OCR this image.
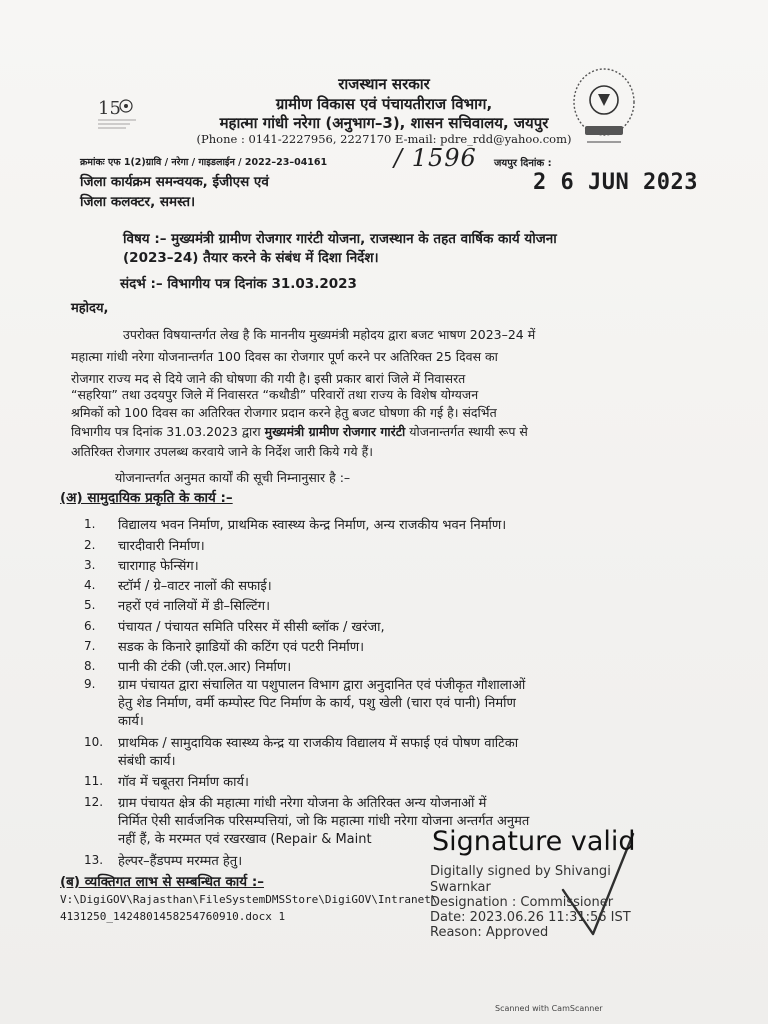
15
राजस्थान सरकार
ग्रामीण विकास एवं पंचायतीराज विभाग,
महात्मा गांधी नरेगा (अनुभाग–3), शासन सचिवालय, जयपुर
(Phone : 0141-2227956, 2227170 E-mail: pdre_rdd@yahoo.com)
क्रमांकः एफ 1(2)ग्रावि / नरेगा / गाइडलाईन / 2022–23–04161	/ 1596 जयपुर दिनांक :
2 6 JUN 2023
जिला कार्यक्रम समन्वयक, ईजीएस एवं
जिला कलक्टर, समस्त।
विषय :– मुख्यमंत्री ग्रामीण रोजगार गारंटी योजना, राजस्थान के तहत वार्षिक कार्य योजना
(2023–24) तैयार करने के संबंध में दिशा निर्देश।
संदर्भ :– विभागीय पत्र दिनांक 31.03.2023
महोदय,
उपरोक्त विषयान्तर्गत लेख है कि माननीय मुख्यमंत्री महोदय द्वारा बजट भाषण 2023–24 में
महात्मा गांधी नरेगा योजनान्तर्गत 100 दिवस का रोजगार पूर्ण करने पर अतिरिक्त 25 दिवस का
रोजगार राज्य मद से दिये जाने की घोषणा की गयी है। इसी प्रकार बारां जिले में निवासरत
“सहरिया” तथा उदयपुर जिले में निवासरत “कथौडी” परिवारों तथा राज्य के विशेष योग्यजन
श्रमिकों को 100 दिवस का अतिरिक्त रोजगार प्रदान करने हेतु बजट घोषणा की गई है। संदर्भित
विभागीय पत्र दिनांक 31.03.2023 द्वारा मुख्यमंत्री ग्रामीण रोजगार गारंटी योजनान्तर्गत स्थायी रूप से
अतिरिक्त रोजगार उपलब्ध करवाये जाने के निर्देश जारी किये गये हैं।
योजनान्तर्गत अनुमत कार्यों की सूची निम्नानुसार है :–
(अ) सामुदायिक प्रकृति के कार्य :–
1.	विद्यालय भवन निर्माण, प्राथमिक स्वास्थ्य केन्द्र निर्माण, अन्य राजकीय भवन निर्माण।
2.	चारदीवारी निर्माण।
3.	चारागाह फेन्सिंग।
4.	स्टॉर्म / ग्रे–वाटर नालों की सफाई।
5.	नहरों एवं नालियों में डी–सिल्टिंग।
6.	पंचायत / पंचायत समिति परिसर में सीसी ब्लॉक / खरंजा,
7.	सडक के किनारे झाडियों की कटिंग एवं पटरी निर्माण।
8.	पानी की टंकी (जी.एल.आर) निर्माण।
9.	ग्राम पंचायत द्वारा संचालित या पशुपालन विभाग द्वारा अनुदानित एवं पंजीकृत गौशालाओं
हेतु शेड निर्माण, वर्मी कम्पोस्ट पिट निर्माण के कार्य, पशु खेली (चारा एवं पानी) निर्माण
कार्य।
10.	प्राथमिक / सामुदायिक स्वास्थ्य केन्द्र या राजकीय विद्यालय में सफाई एवं पोषण वाटिका
संबंधी कार्य।
11.	गॉव में चबूतरा निर्माण कार्य।
12.	ग्राम पंचायत क्षेत्र की महात्मा गांधी नरेगा योजना के अतिरिक्त अन्य योजनाओं में
निर्मित ऐसी सार्वजनिक परिसम्पत्तियां, जो कि महात्मा गांधी नरेगा योजना अन्तर्गत अनुमत
नहीं हैं, के मरम्मत एवं रखरखाव (Repair & Maint
13.	हेल्पर–हैंडपम्प मरम्मत हेतु।
(ब) व्यक्तिगत लाभ से सम्बन्धित कार्य :–
V:\DigiGOV\Rajasthan\FileSystemDMSStore\DigiGOV\Intranet\
4131250_1424801458254760910.docx 1
Signature valid
Digitally signed by Shivangi
Swarnkar
Designation : Commissioner
Date: 2023.06.26 11:31:56 IST
Reason: Approved
Scanned with CamScanner
